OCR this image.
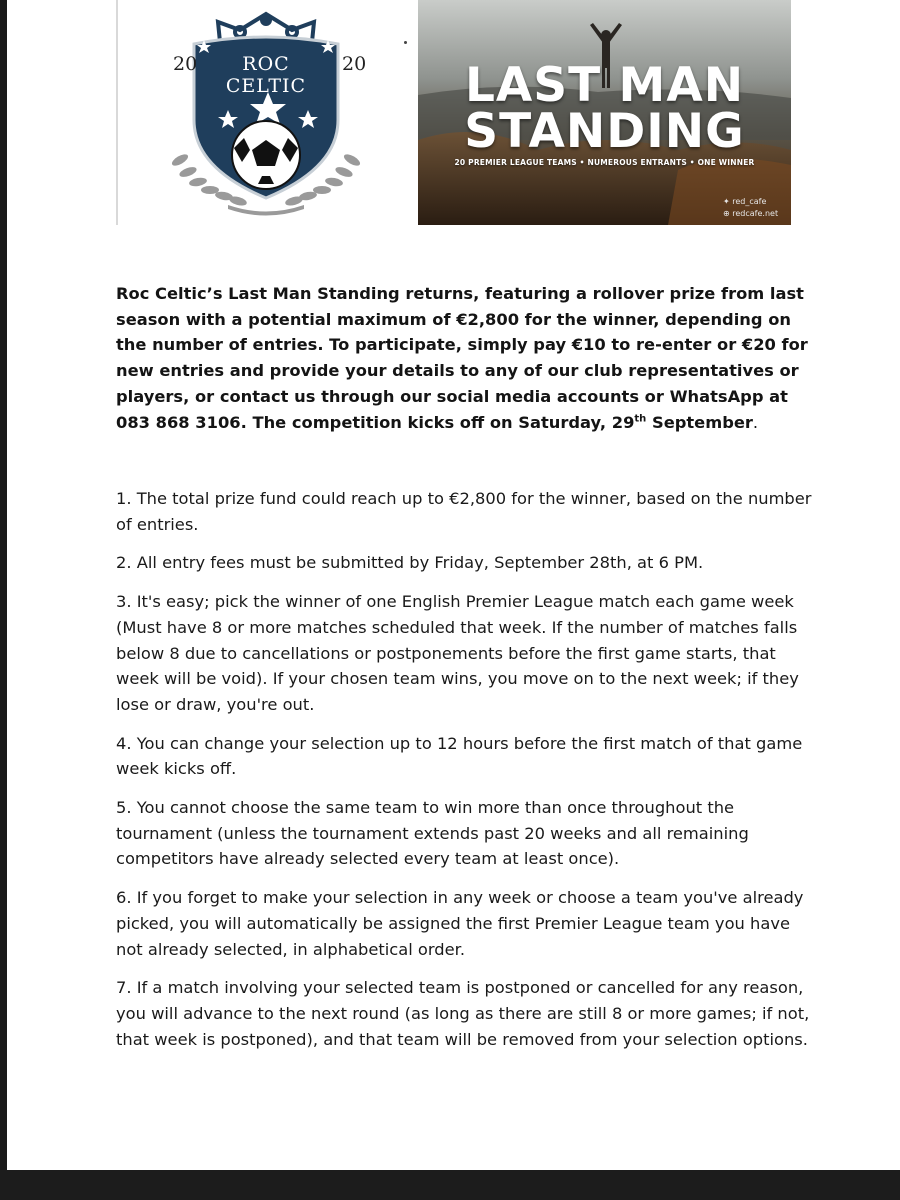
20	20
ROC
CELTIC	LAST MAN
STANDING
20 PREMIER LEAGUE TEAMS • NUMEROUS ENTRANTS • ONE WINNER
✦ red_cafe
⊕ redcafe.net

Roc Celtic’s Last Man Standing returns, featuring a rollover prize from last season with a potential maximum of €2,800 for the winner, depending on the number of entries. To participate, simply pay €10 to re-enter or €20 for new entries and provide your details to any of our club representatives or players, or contact us through our social media accounts or WhatsApp at 083 868 3106. The competition kicks off on Saturday, 29th September.

1. The total prize fund could reach up to €2,800 for the winner, based on the number of entries.

2. All entry fees must be submitted by Friday, September 28th, at 6 PM.

3. It's easy; pick the winner of one English Premier League match each game week (Must have 8 or more matches scheduled that week. If the number of matches falls below 8 due to cancellations or postponements before the first game starts, that week will be void). If your chosen team wins, you move on to the next week; if they lose or draw, you're out.

4. You can change your selection up to 12 hours before the first match of that game week kicks off.

5. You cannot choose the same team to win more than once throughout the tournament (unless the tournament extends past 20 weeks and all remaining competitors have already selected every team at least once).

6. If you forget to make your selection in any week or choose a team you've already picked, you will automatically be assigned the first Premier League team you have not already selected, in alphabetical order.

7. If a match involving your selected team is postponed or cancelled for any reason, you will advance to the next round (as long as there are still 8 or more games; if not, that week is postponed), and that team will be removed from your selection options.
